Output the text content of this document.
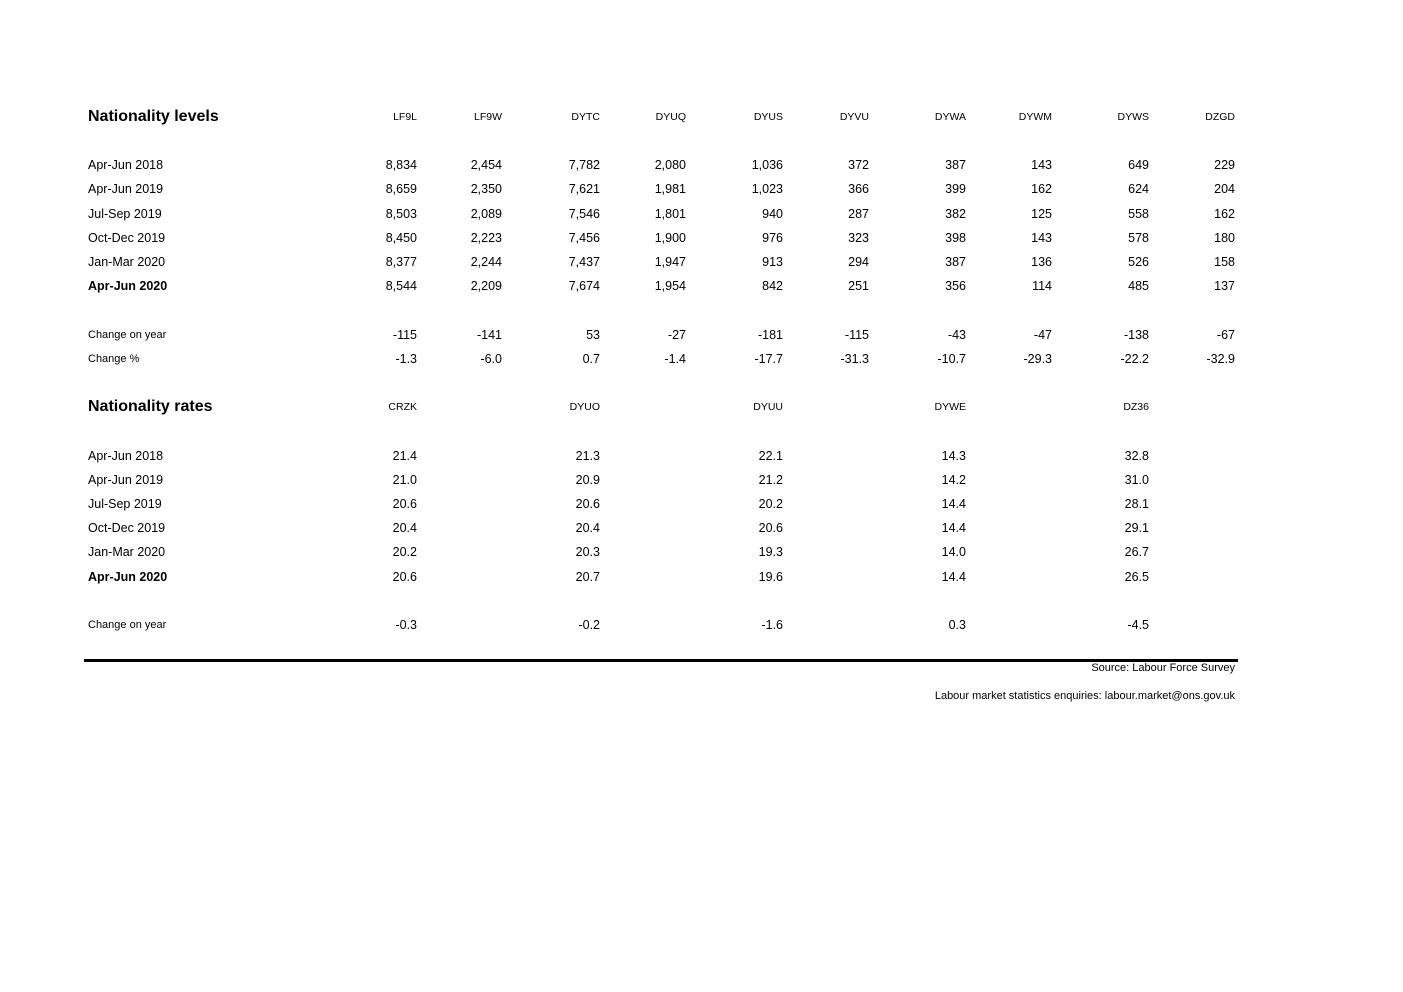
Nationality levels	LF9L	LF9W	DYTC	DYUQ	DYUS	DYVU	DYWA	DYWM	DYWS	DZGD
Apr-Jun 2018	8,834	2,454	7,782	2,080	1,036	372	387	143	649	229
Apr-Jun 2019	8,659	2,350	7,621	1,981	1,023	366	399	162	624	204
Jul-Sep 2019	8,503	2,089	7,546	1,801	940	287	382	125	558	162
Oct-Dec 2019	8,450	2,223	7,456	1,900	976	323	398	143	578	180
Jan-Mar 2020	8,377	2,244	7,437	1,947	913	294	387	136	526	158
Apr-Jun 2020	8,544	2,209	7,674	1,954	842	251	356	114	485	137
Change on year	-115	-141	53	-27	-181	-115	-43	-47	-138	-67
Change %	-1.3	-6.0	0.7	-1.4	-17.7	-31.3	-10.7	-29.3	-22.2	-32.9
Nationality rates	CRZK	DYUO	DYUU	DYWE	DZ36
Apr-Jun 2018	21.4	21.3	22.1	14.3	32.8
Apr-Jun 2019	21.0	20.9	21.2	14.2	31.0
Jul-Sep 2019	20.6	20.6	20.2	14.4	28.1
Oct-Dec 2019	20.4	20.4	20.6	14.4	29.1
Jan-Mar 2020	20.2	20.3	19.3	14.0	26.7
Apr-Jun 2020	20.6	20.7	19.6	14.4	26.5
Change on year	-0.3	-0.2	-1.6	0.3	-4.5
Source: Labour Force Survey
Labour market statistics enquiries: labour.market@ons.gov.uk
